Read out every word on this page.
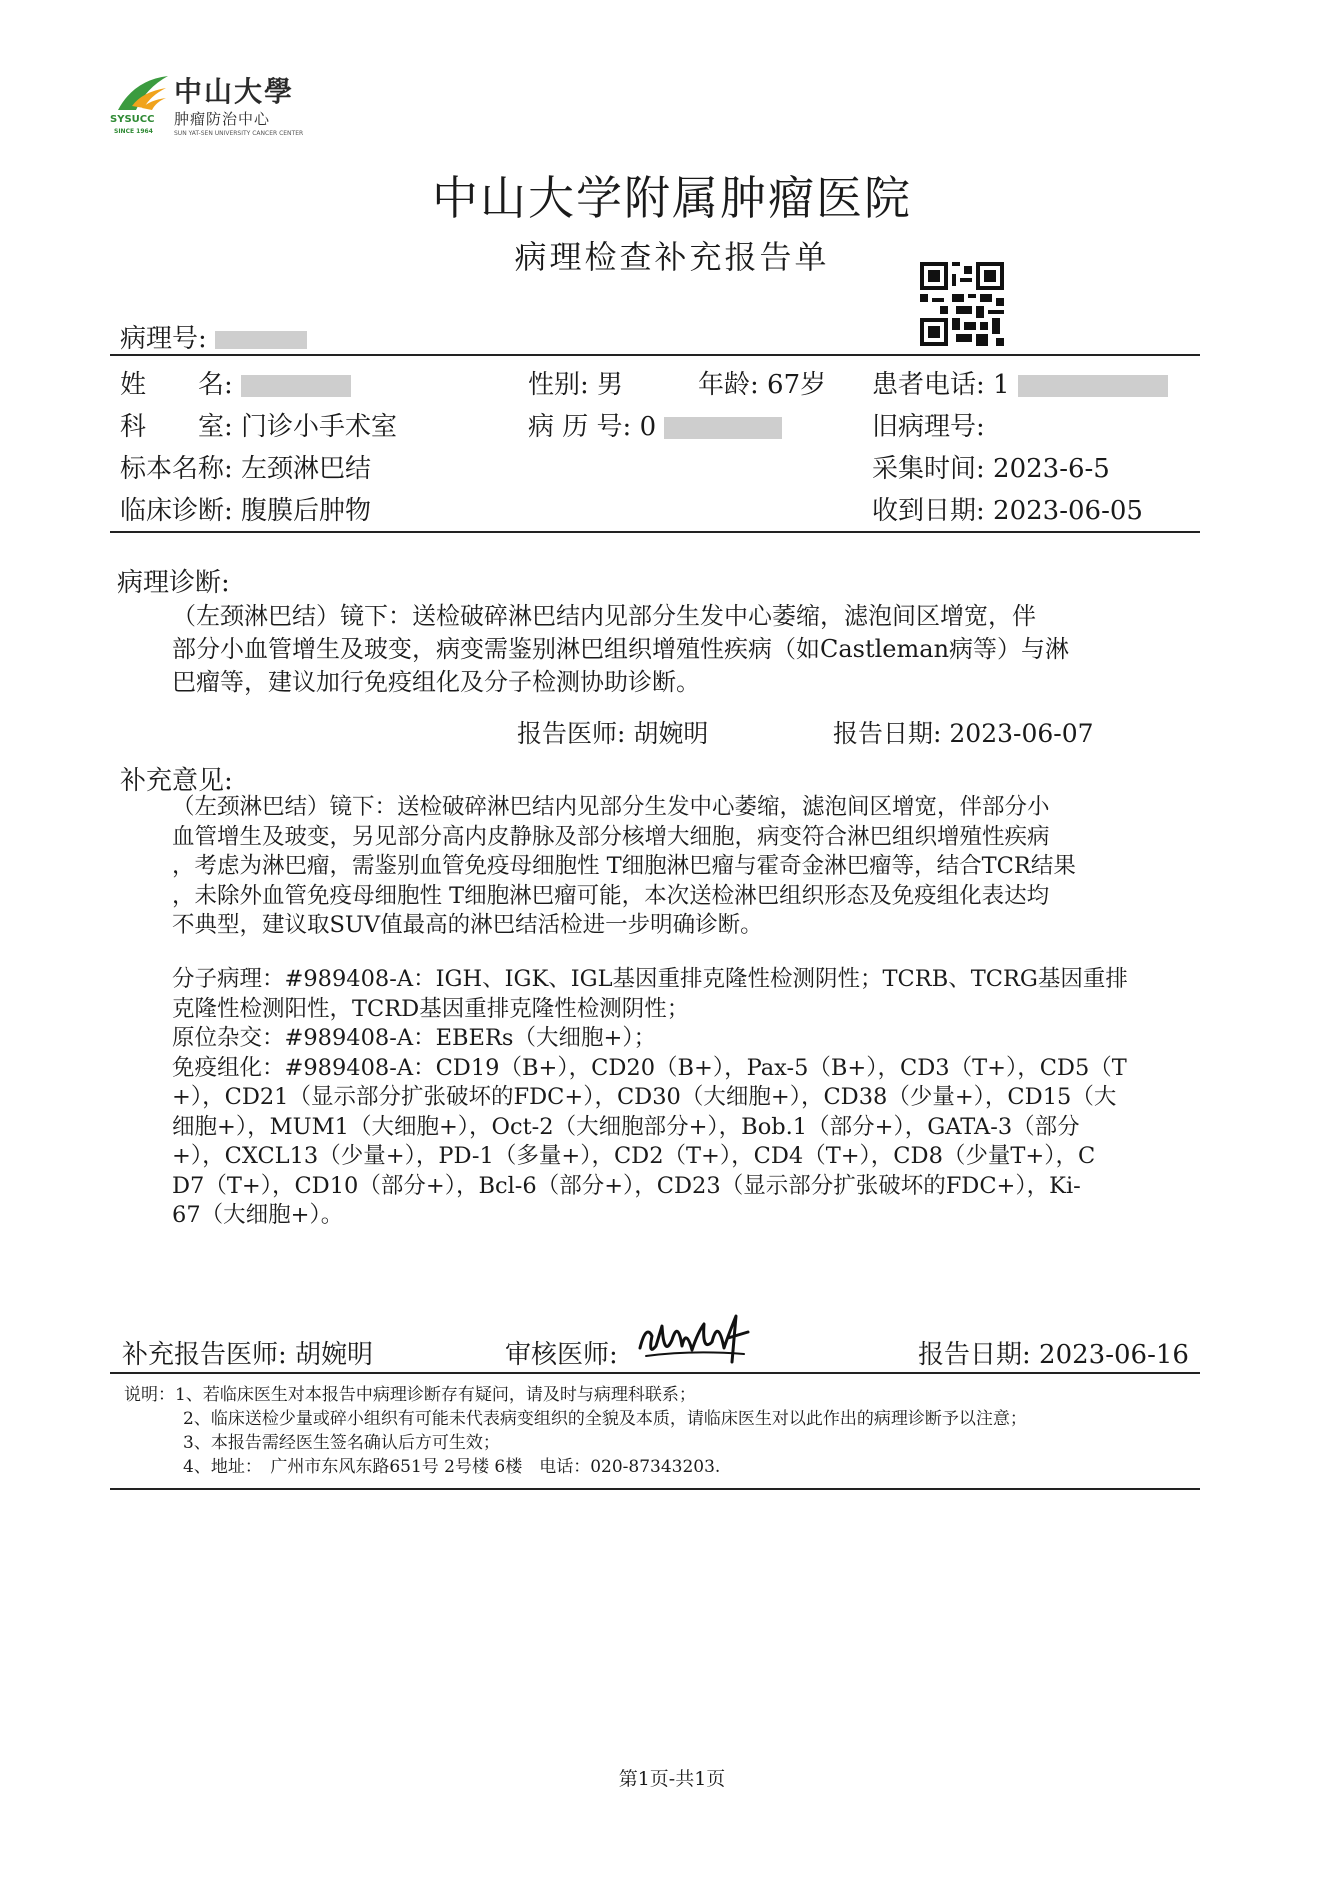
中山大學
肿瘤防治中心
SYSUCC
SINCE 1964	SUN YAT-SEN UNIVERSITY CANCER CENTER
中山大学附属肿瘤医院
病理检查补充报告单
病理号:
姓　　名:	性别: 男	年龄: 67岁 患者电话: 1
科　　室: 门诊小手术室	病 历 号: 0	旧病理号:
标本名称: 左颈淋巴结	采集时间: 2023-6-5
临床诊断: 腹膜后肿物	收到日期: 2023-06-05
病理诊断:
（左颈淋巴结）镜下：送检破碎淋巴结内见部分生发中心萎缩，滤泡间区增宽，伴
部分小血管增生及玻变，病变需鉴别淋巴组织增殖性疾病（如Castleman病等）与淋
巴瘤等，建议加行免疫组化及分子检测协助诊断。
报告医师: 胡婉明	报告日期: 2023-06-07
补充意见:
（左颈淋巴结）镜下：送检破碎淋巴结内见部分生发中心萎缩，滤泡间区增宽，伴部分小
血管增生及玻变，另见部分高内皮静脉及部分核增大细胞，病变符合淋巴组织增殖性疾病
，考虑为淋巴瘤，需鉴别血管免疫母细胞性 T细胞淋巴瘤与霍奇金淋巴瘤等，结合TCR结果
，未除外血管免疫母细胞性 T细胞淋巴瘤可能，本次送检淋巴组织形态及免疫组化表达均
不典型，建议取SUV值最高的淋巴结活检进一步明确诊断。
分子病理：#989408-A：IGH、IGK、IGL基因重排克隆性检测阴性；TCRB、TCRG基因重排
克隆性检测阳性，TCRD基因重排克隆性检测阴性；
原位杂交：#989408-A：EBERs（大细胞+）；
免疫组化：#989408-A：CD19（B+），CD20（B+），Pax-5（B+），CD3（T+），CD5（T
+），CD21（显示部分扩张破坏的FDC+），CD30（大细胞+），CD38（少量+），CD15（大
细胞+），MUM1（大细胞+），Oct-2（大细胞部分+），Bob.1（部分+），GATA-3（部分
+），CXCL13（少量+），PD-1（多量+），CD2（T+），CD4（T+），CD8（少量T+），C
D7（T+），CD10（部分+），Bcl-6（部分+），CD23（显示部分扩张破坏的FDC+），Ki-
67（大细胞+）。
补充报告医师: 胡婉明	审核医师:	报告日期: 2023-06-16
说明：1、若临床医生对本报告中病理诊断存有疑问，请及时与病理科联系；
2、临床送检少量或碎小组织有可能未代表病变组织的全貌及本质，请临床医生对以此作出的病理诊断予以注意；
3、本报告需经医生签名确认后方可生效；
4、地址：　广州市东风东路651号 2号楼 6楼　电话：020-87343203.
第1页-共1页
